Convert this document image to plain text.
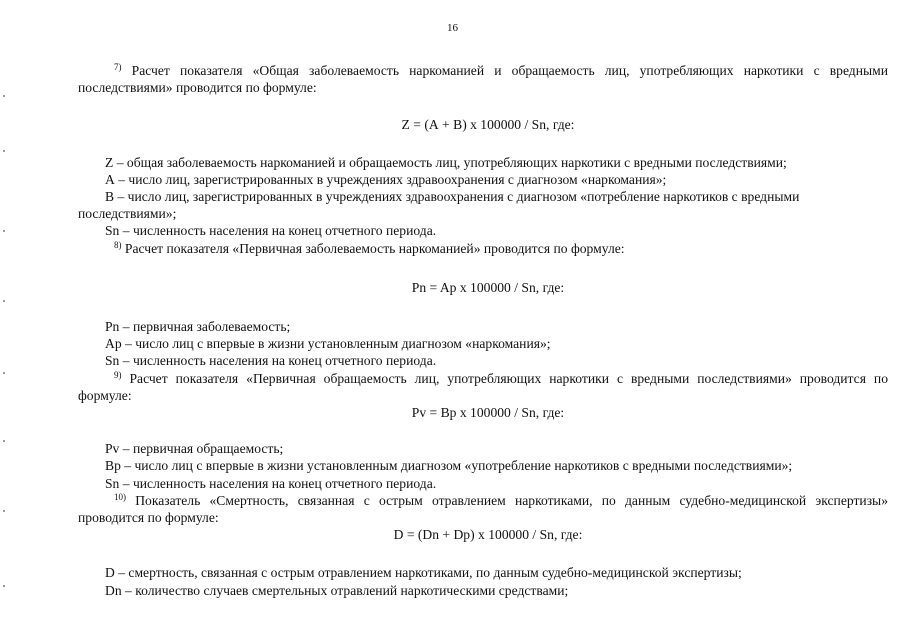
16

$^{7)}$ Расчет показателя «Общая заболеваемость наркоманией и обращаемость лиц, употребляющих наркотики с вредными последствиями» проводится по формуле:

Z = (А + В) х 100000 / Sn, где:

Z – общая заболеваемость наркоманией и обращаемость лиц, употребляющих наркотики с вредными последствиями;

А – число лиц, зарегистрированных в учреждениях здравоохранения с диагнозом «наркомания»;

В – число лиц, зарегистрированных в учреждениях здравоохранения с диагнозом «потребление наркотиков с вредными последствиями»;

Sn – численность населения на конец отчетного периода.

$^{8)}$ Расчет показателя «Первичная заболеваемость наркоманией» проводится по формуле:

Pn = Ap x 100000 / Sn, где:

Pn – первичная заболеваемость;

Ap – число лиц с впервые в жизни установленным диагнозом «наркомания»;

Sn – численность населения на конец отчетного периода.

$^{9)}$ Расчет показателя «Первичная обращаемость лиц, употребляющих наркотики с вредными последствиями» проводится по формуле:

Pv = Bp x 100000 / Sn, где:

Pv – первичная обращаемость;

Bp – число лиц с впервые в жизни установленным диагнозом «употребление наркотиков с вредными последствиями»;

Sn – численность населения на конец отчетного периода.

$^{10)}$ Показатель «Смертность, связанная с острым отравлением наркотиками, по данным судебно-медицинской экспертизы» проводится по формуле:

D = (Dn + Dp) x 100000 / Sn, где:

D – смертность, связанная с острым отравлением наркотиками, по данным судебно-медицинской экспертизы;

Dn – количество случаев смертельных отравлений наркотическими средствами;
